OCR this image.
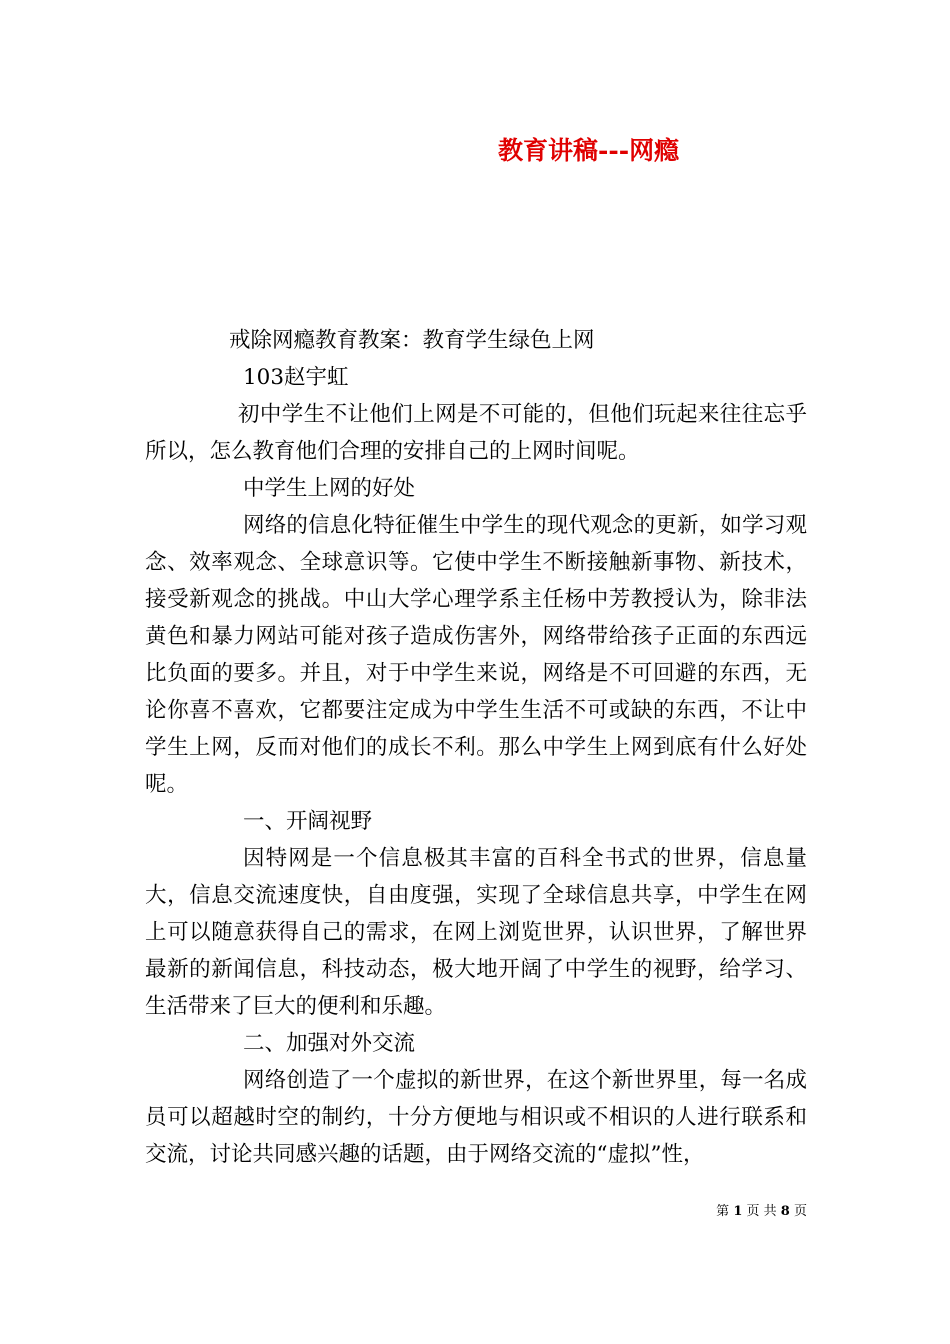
教育讲稿---网瘾

戒除网瘾教育教案：教育学生绿色上网

103赵宇虹

初中学生不让他们上网是不可能的，但他们玩起来往往忘乎所以，怎么教育他们合理的安排自己的上网时间呢。

中学生上网的好处

网络的信息化特征催生中学生的现代观念的更新，如学习观念、效率观念、全球意识等。它使中学生不断接触新事物、新技术，接受新观念的挑战。中山大学心理学系主任杨中芳教授认为，除非法黄色和暴力网站可能对孩子造成伤害外，网络带给孩子正面的东西远比负面的要多。并且，对于中学生来说，网络是不可回避的东西，无论你喜不喜欢，它都要注定成为中学生生活不可或缺的东西，不让中学生上网，反而对他们的成长不利。那么中学生上网到底有什么好处呢。

一、开阔视野

因特网是一个信息极其丰富的百科全书式的世界，信息量大，信息交流速度快，自由度强，实现了全球信息共享，中学生在网上可以随意获得自己的需求，在网上浏览世界，认识世界，了解世界最新的新闻信息，科技动态，极大地开阔了中学生的视野，给学习、生活带来了巨大的便利和乐趣。

二、加强对外交流

网络创造了一个虚拟的新世界，在这个新世界里，每一名成员可以超越时空的制约，十分方便地与相识或不相识的人进行联系和交流，讨论共同感兴趣的话题，由于网络交流的“虚拟”性，

第 1 页 共 8 页
